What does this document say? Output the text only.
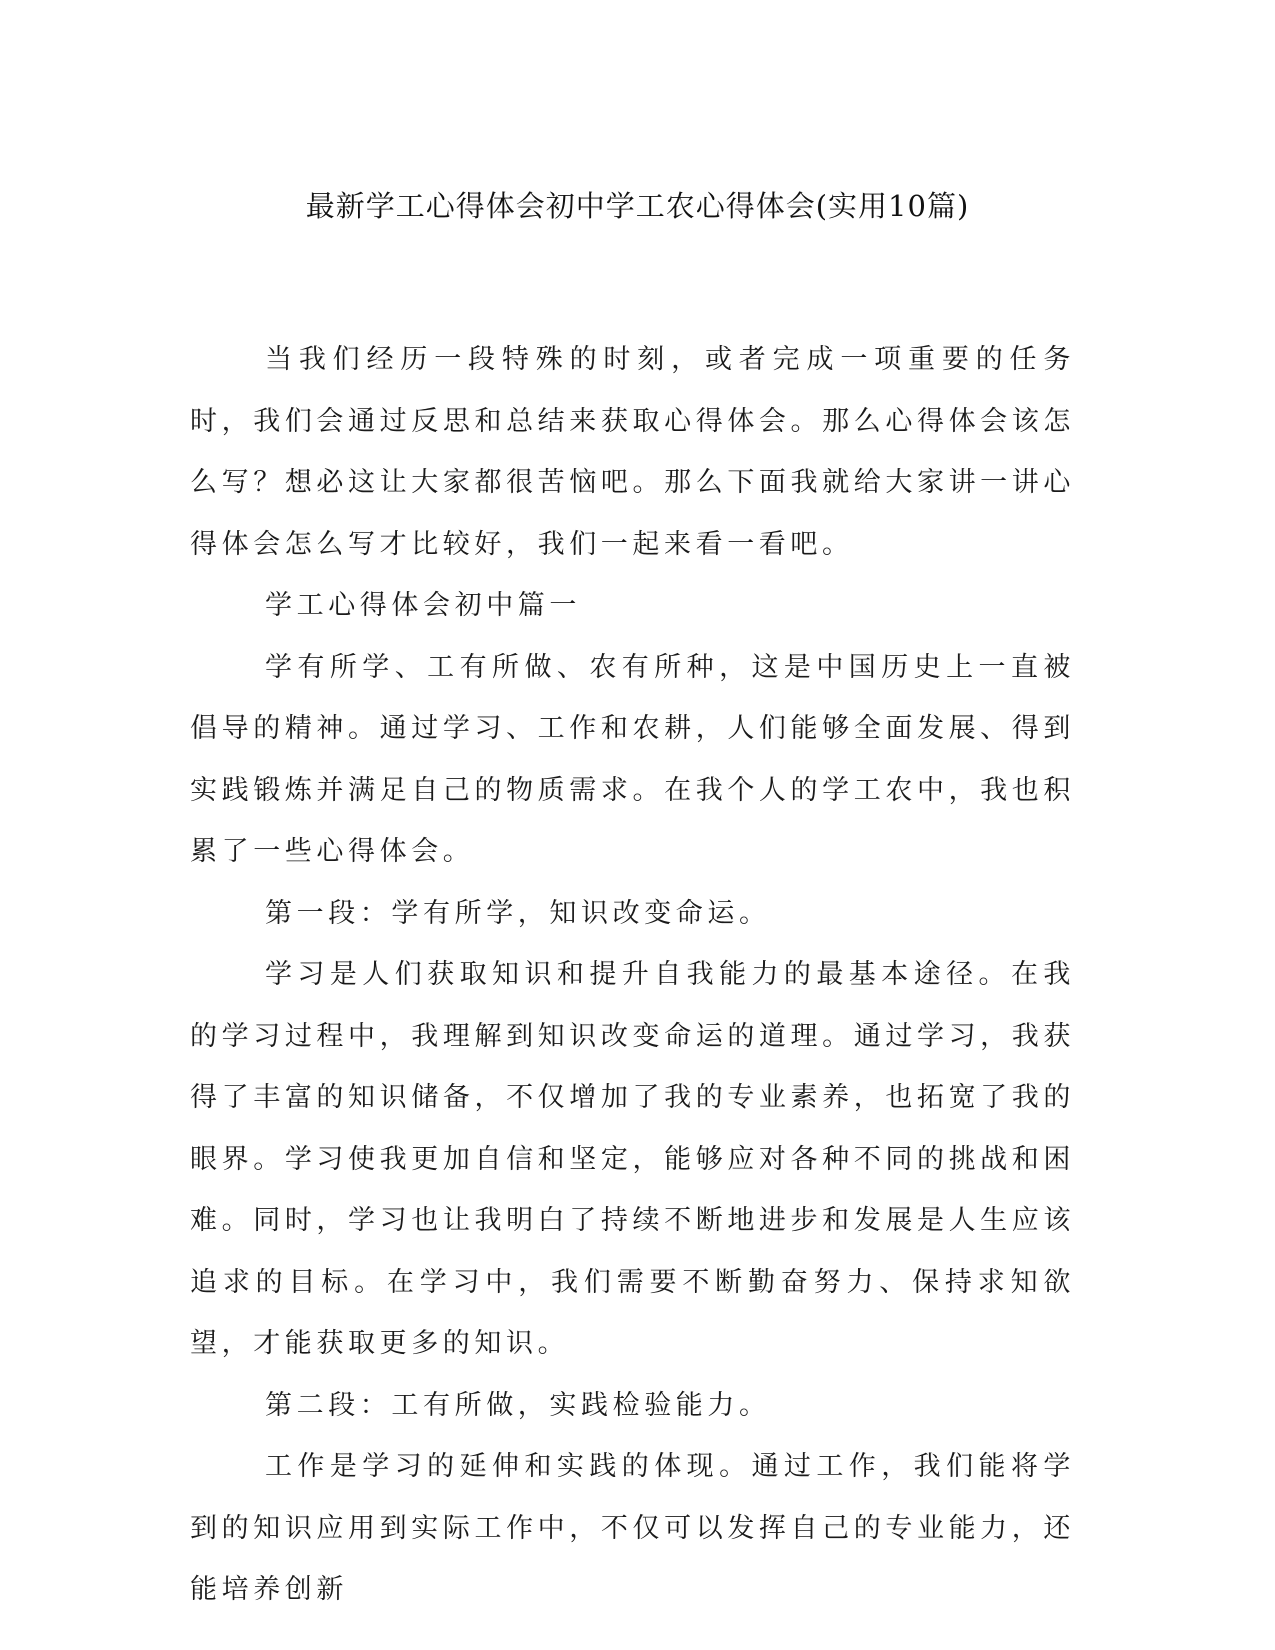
最新学工心得体会初中学工农心得体会(实用10篇)

当我们经历一段特殊的时刻，或者完成一项重要的任务时，我们会通过反思和总结来获取心得体会。那么心得体会该怎么写？想必这让大家都很苦恼吧。那么下面我就给大家讲一讲心得体会怎么写才比较好，我们一起来看一看吧。

学工心得体会初中篇一

学有所学、工有所做、农有所种，这是中国历史上一直被倡导的精神。通过学习、工作和农耕，人们能够全面发展、得到实践锻炼并满足自己的物质需求。在我个人的学工农中，我也积累了一些心得体会。

第一段：学有所学，知识改变命运。

学习是人们获取知识和提升自我能力的最基本途径。在我的学习过程中，我理解到知识改变命运的道理。通过学习，我获得了丰富的知识储备，不仅增加了我的专业素养，也拓宽了我的眼界。学习使我更加自信和坚定，能够应对各种不同的挑战和困难。同时，学习也让我明白了持续不断地进步和发展是人生应该追求的目标。在学习中，我们需要不断勤奋努力、保持求知欲望，才能获取更多的知识。

第二段：工有所做，实践检验能力。

工作是学习的延伸和实践的体现。通过工作，我们能将学到的知识应用到实际工作中，不仅可以发挥自己的专业能力，还能培养创新
